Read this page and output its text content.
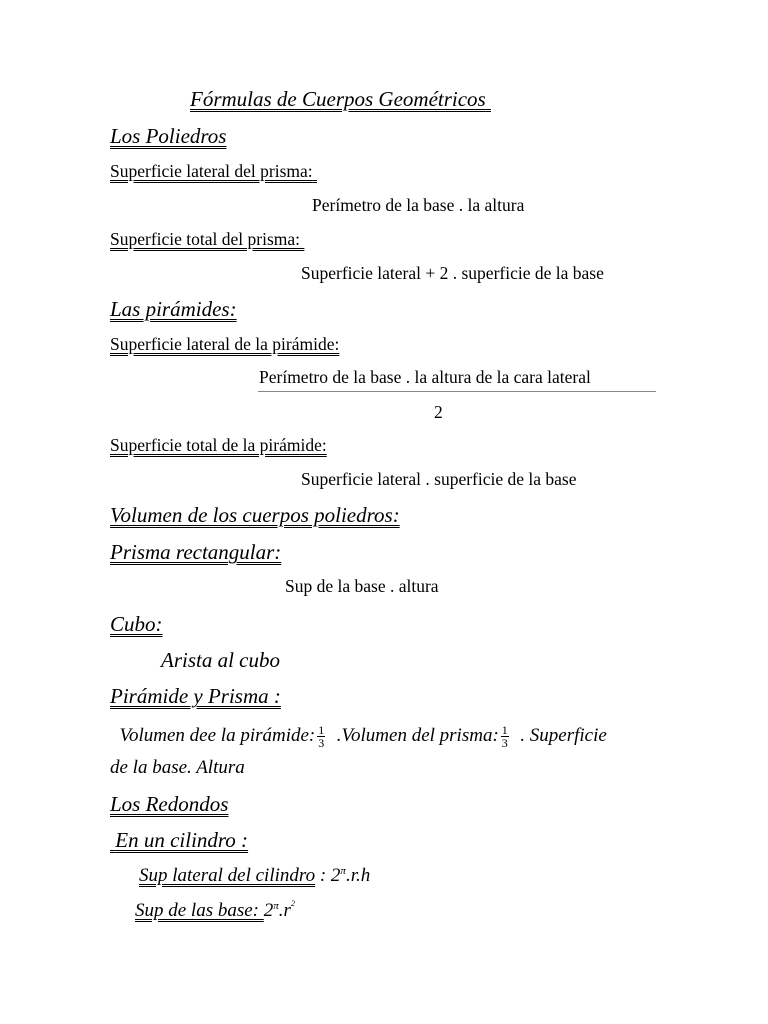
Fórmulas de Cuerpos Geométricos
Los Poliedros
Superficie lateral del prisma:
Perímetro de la base . la altura
Superficie total del prisma:
Superficie lateral + 2 . superficie de la base
Las pirámides:
Superficie lateral de la pirámide:
Perímetro de la base . la altura de la cara lateral
2
Superficie total de la pirámide:
Superficie lateral . superficie de la base
Volumen de los cuerpos poliedros:
Prisma rectangular:
Sup de la base . altura
Cubo:
Arista al cubo
Pirámide y Prisma :
Volumen dee la pirámide: $\frac{1}{3}$ .Volumen del prisma: $\frac{1}{3}$ . Superficie
de la base. Altura
Los Redondos
En un cilindro :
Sup lateral del cilindro : $2^\pi.r.h$
Sup de las base: $2^\pi.r^2$
